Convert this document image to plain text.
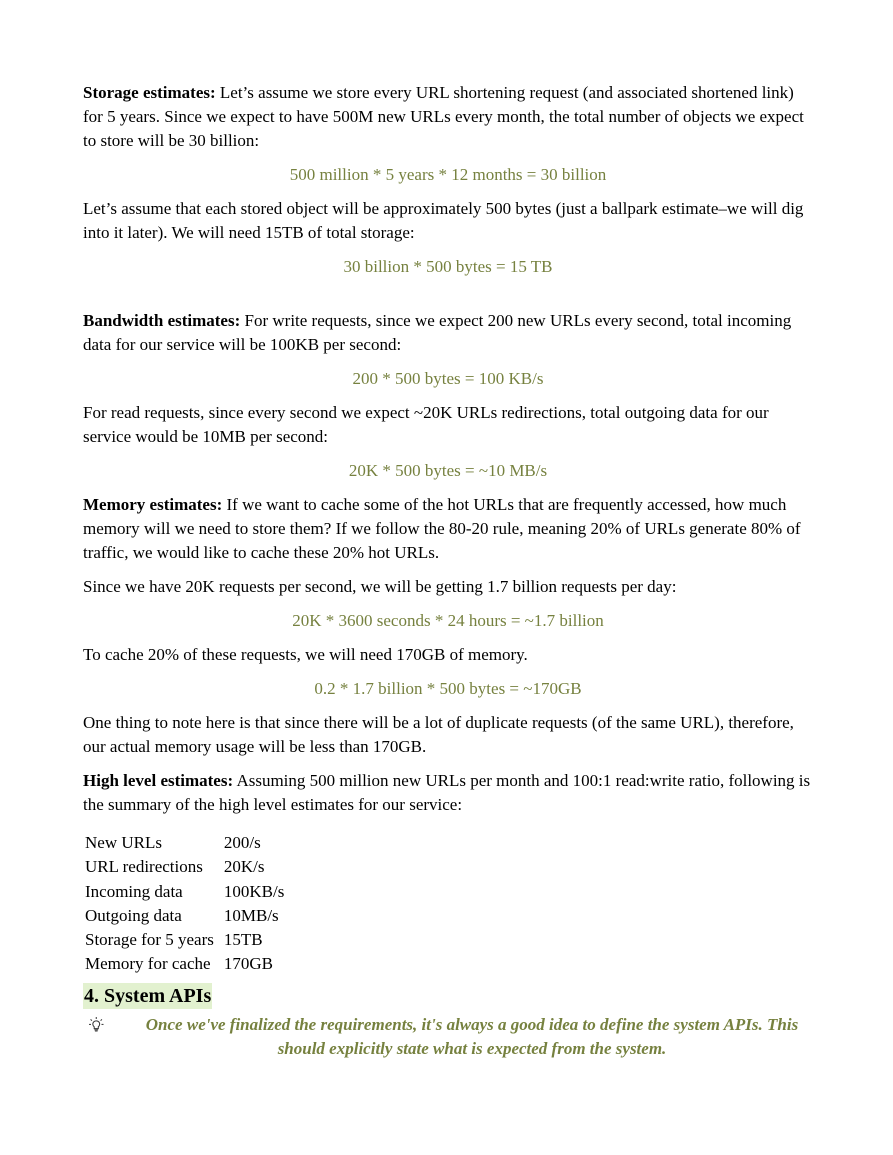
Storage estimates: Let’s assume we store every URL shortening request (and associated shortened link) for 5 years. Since we expect to have 500M new URLs every month, the total number of objects we expect to store will be 30 billion:

500 million * 5 years * 12 months = 30 billion

Let’s assume that each stored object will be approximately 500 bytes (just a ballpark estimate–we will dig into it later). We will need 15TB of total storage:

30 billion * 500 bytes = 15 TB

Bandwidth estimates: For write requests, since we expect 200 new URLs every second, total incoming data for our service will be 100KB per second:

200 * 500 bytes = 100 KB/s

For read requests, since every second we expect ~20K URLs redirections, total outgoing data for our service would be 10MB per second:

20K * 500 bytes = ~10 MB/s

Memory estimates: If we want to cache some of the hot URLs that are frequently accessed, how much memory will we need to store them? If we follow the 80-20 rule, meaning 20% of URLs generate 80% of traffic, we would like to cache these 20% hot URLs.

Since we have 20K requests per second, we will be getting 1.7 billion requests per day:

20K * 3600 seconds * 24 hours = ~1.7 billion

To cache 20% of these requests, we will need 170GB of memory.

0.2 * 1.7 billion * 500 bytes = ~170GB

One thing to note here is that since there will be a lot of duplicate requests (of the same URL), therefore, our actual memory usage will be less than 170GB.

High level estimates: Assuming 500 million new URLs per month and 100:1 read:write ratio, following is the summary of the high level estimates for our service:

New URLs	200/s
URL redirections	20K/s
Incoming data	100KB/s
Outgoing data	10MB/s
Storage for 5 years	15TB
Memory for cache	170GB
4. System APIs

Once we've finalized the requirements, it's always a good idea to define the system APIs. This should explicitly state what is expected from the system.
